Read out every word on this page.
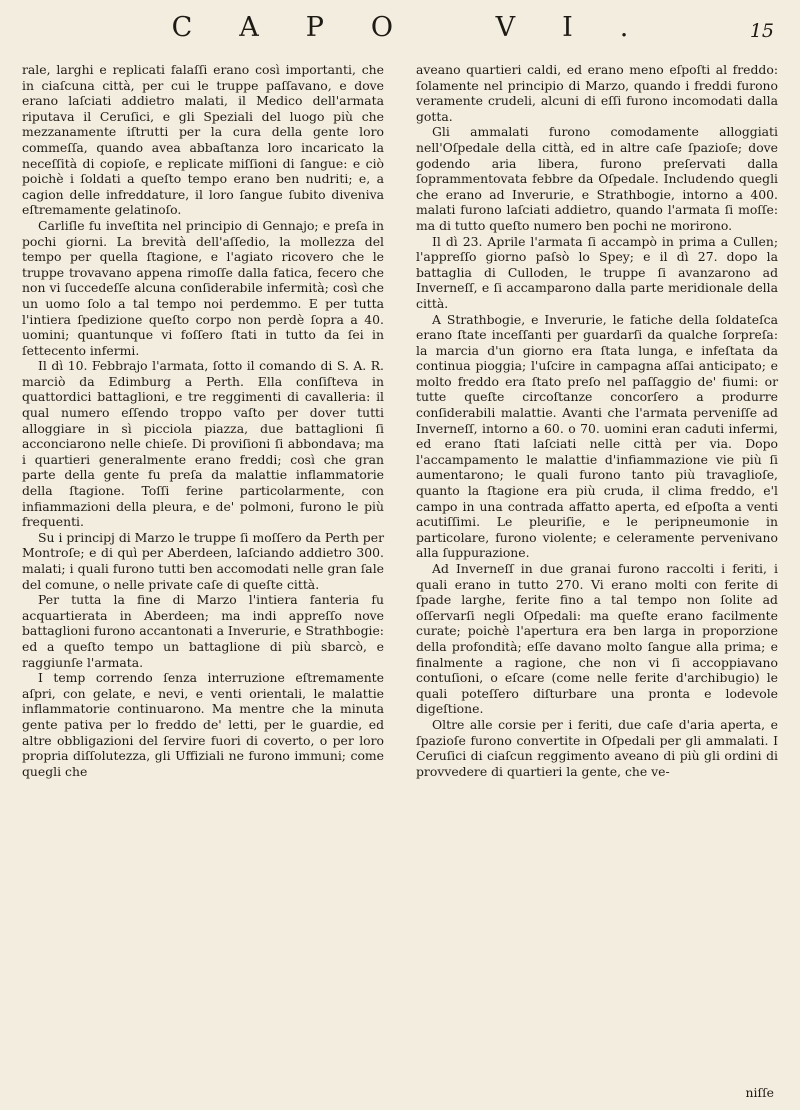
CAPO VI.	15

rale, larghi e replicati falaſſi erano così importanti, che in ciaſcuna città, per cui le truppe paſſavano, e dove erano laſciati addietro malati, il Medico dell'armata riputava il Ceruſici, e gli Speziali del luogo più che mezzanamente iſtrutti per la cura della gente loro commeſſa, quando avea abbaſtanza loro incaricato la neceſſità di copioſe, e replicate miſſioni di ſangue: e ciò poichè i ſoldati a queſto tempo erano ben nudriti; e, a cagion delle infreddature, il loro ſangue ſubito diveniva eſtremamente gelatinoſo.

Carliſle fu inveſtita nel principio di Gennajo; e preſa in pochi giorni. La brevità dell'aſſedio, la mollezza del tempo per quella ſtagione, e l'agiato ricovero che le truppe trovavano appena rimoſſe dalla fatica, fecero che non vi ſuccedeſſe alcuna conſiderabile infermità; così che un uomo ſolo a tal tempo noi perdemmo. E per tutta l'intiera ſpedizione queſto corpo non perdè ſopra a 40. uomini; quantunque vi foſſero ſtati in tutto da ſei in ſettecento infermi.

Il dì 10. Febbrajo l'armata, ſotto il comando di S. A. R. marciò da Edimburg a Perth. Ella conſiſteva in quattordici battaglioni, e tre reggimenti di cavalleria: il qual numero eſſendo troppo vaſto per dover tutti alloggiare in sì picciola piazza, due battaglioni ſi acconciarono nelle chieſe. Di proviſioni ſi abbondava; ma i quartieri generalmente erano freddi; così che gran parte della gente fu preſa da malattie inflammatorie della ſtagione. Toſſi ferine particolarmente, con infiammazioni della pleura, e de' polmoni, furono le più frequenti.

Su i principj di Marzo le truppe ſi moſſero da Perth per Montroſe; e di quì per Aberdeen, laſciando addietro 300. malati; i quali furono tutti ben accomodati nelle gran ſale del comune, o nelle private caſe di queſte città.

Per tutta la fine di Marzo l'intiera fanteria fu acquartierata in Aberdeen; ma indi appreſſo nove battaglioni furono accantonati a Inverurie, e Strathbogie: ed a queſto tempo un battaglione di più sbarcò, e raggiunſe l'armata.

I temp correndo ſenza interruzione eſtremamente aſpri, con gelate, e nevi, e venti orientali, le malattie inflammatorie continuarono. Ma mentre che la minuta gente pativa per lo freddo de' letti, per le guardie, ed altre obbligazioni del ſervire fuori di coverto, o per loro propria diſſolutezza, gli Uffiziali ne furono immuni; come quegli che

aveano quartieri caldi, ed erano meno eſpoſti al freddo: ſolamente nel principio di Marzo, quando i freddi furono veramente crudeli, alcuni di eſſi furono incomodati dalla gotta.

Gli ammalati furono comodamente alloggiati nell'Oſpedale della città, ed in altre caſe ſpazioſe; dove godendo aria libera, furono preſervati dalla ſoprammentovata febbre da Oſpedale. Includendo quegli che erano ad Inverurie, e Strathbogie, intorno a 400. malati furono laſciati addietro, quando l'armata ſi moſſe: ma di tutto queſto numero ben pochi ne morirono.

Il dì 23. Aprile l'armata ſi accampò in prima a Cullen; l'appreſſo giorno paſsò lo Spey; e il dì 27. dopo la battaglia di Culloden, le truppe ſi avanzarono ad Inverneſſ, e ſi accamparono dalla parte meridionale della città.

A Strathbogie, e Inverurie, le fatiche della ſoldateſca erano ſtate inceſſanti per guardarſi da qualche ſorpreſa: la marcia d'un giorno era ſtata lunga, e infeſtata da continua pioggia; l'uſcire in campagna aſſai anticipato; e molto freddo era ſtato preſo nel paſſaggio de' fiumi: or tutte queſte circoſtanze concorſero a produrre conſiderabili malattie. Avanti che l'armata perveniſſe ad Inverneſſ, intorno a 60. o 70. uomini eran caduti infermi, ed erano ſtati laſciati nelle città per via. Dopo l'accampamento le malattie d'infiammazione vie più ſi aumentarono; le quali furono tanto più travaglioſe, quanto la ſtagione era più cruda, il clima freddo, e'l campo in una contrada affatto aperta, ed eſpoſta a venti acutiſſimi. Le pleuriſie, e le peripneumonie in particolare, furono violente; e celeramente pervenivano alla ſuppurazione.

Ad Inverneſſ in due granai furono raccolti i feriti, i quali erano in tutto 270. Vi erano molti con ferite di ſpade larghe, ferite fino a tal tempo non ſolite ad oſſervarſi negli Oſpedali: ma queſte erano facilmente curate; poichè l'apertura era ben larga in proporzione della profondità; eſſe davano molto ſangue alla prima; e finalmente a ragione, che non vi ſi accoppiavano contuſioni, o eſcare (come nelle ferite d'archibugio) le quali poteſſero diſturbare una pronta e lodevole digeſtione.

Oltre alle corsie per i feriti, due caſe d'aria aperta, e ſpazioſe furono convertite in Oſpedali per gli ammalati. I Ceruſici di ciaſcun reggimento aveano di più gli ordini di provvedere di quartieri la gente, che ve-

niſſe
